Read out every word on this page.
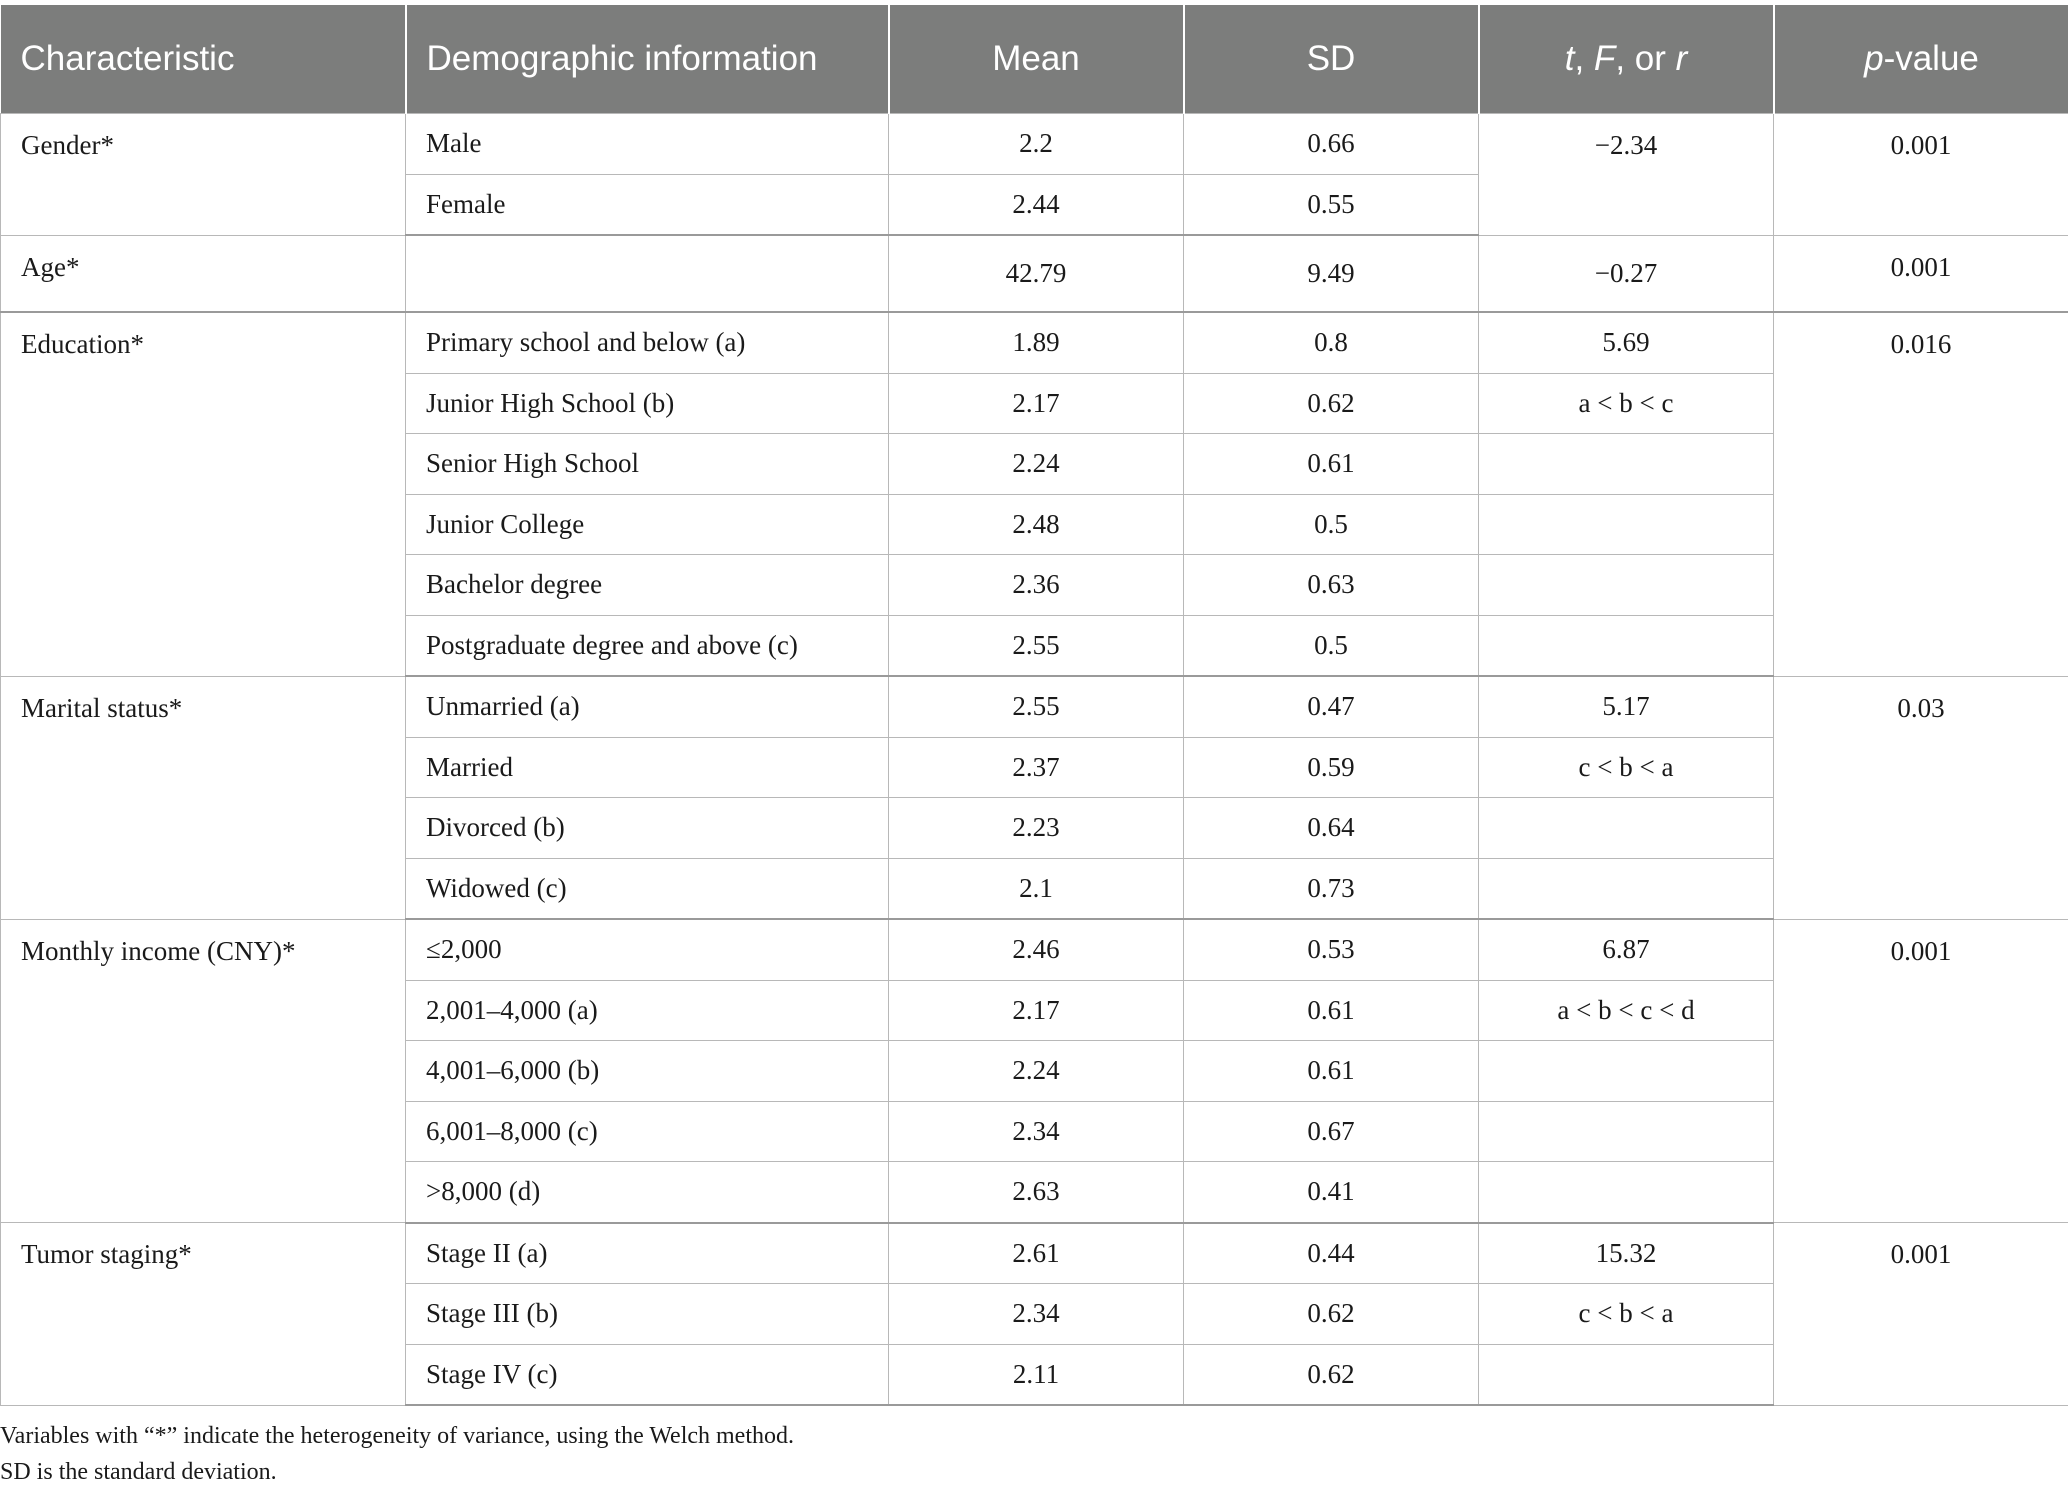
Characteristic	Demographic information	Mean	SD	t, F, or r	p-value
Gender*	Male	2.2	0.66	−2.34	0.001
	Female	2.44	0.55		
Age*		42.79	9.49	−0.27	0.001
Education*	Primary school and below (a)	1.89	0.8	5.69	0.016
	Junior High School (b)	2.17	0.62	a < b < c	
	Senior High School	2.24	0.61		
	Junior College	2.48	0.5		
	Bachelor degree	2.36	0.63		
	Postgraduate degree and above (c)	2.55	0.5		
Marital status*	Unmarried (a)	2.55	0.47	5.17	0.03
	Married	2.37	0.59	c < b < a	
	Divorced (b)	2.23	0.64		
	Widowed (c)	2.1	0.73		
Monthly income (CNY)*	≤2,000	2.46	0.53	6.87	0.001
	2,001–4,000 (a)	2.17	0.61	a < b < c < d	
	4,001–6,000 (b)	2.24	0.61		
	6,001–8,000 (c)	2.34	0.67		
	>8,000 (d)	2.63	0.41		
Tumor staging*	Stage II (a)	2.61	0.44	15.32	0.001
	Stage III (b)	2.34	0.62	c < b < a	
	Stage IV (c)	2.11	0.62		
Variables with “*” indicate the heterogeneity of variance, using the Welch method.
SD is the standard deviation.
